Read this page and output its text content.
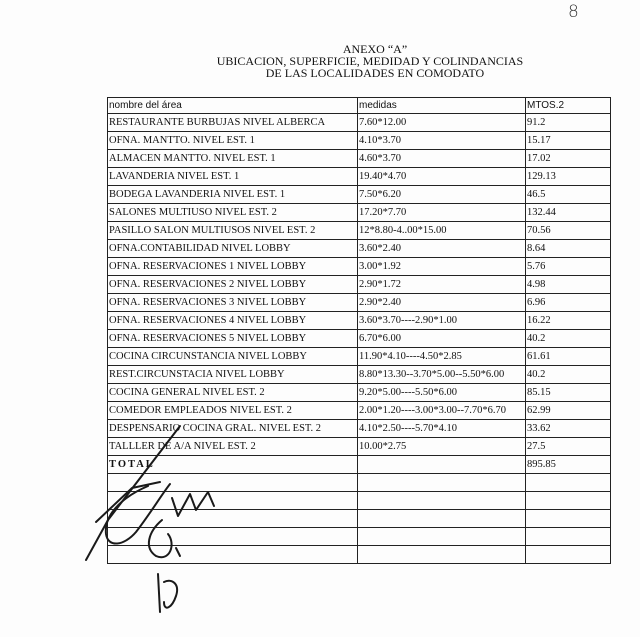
8
ANEXO “A”
UBICACION, SUPERFICIE, MEDIDAD Y COLINDANCIAS
DE LAS LOCALIDADES EN COMODATO
nombre del área	medidas	MTOS.2
RESTAURANTE BURBUJAS NIVEL ALBERCA	7.60*12.00	91.2
OFNA. MANTTO. NIVEL EST. 1	4.10*3.70	15.17
ALMACEN MANTTO. NIVEL EST. 1	4.60*3.70	17.02
LAVANDERIA NIVEL EST. 1	19.40*4.70	129.13
BODEGA LAVANDERIA NIVEL EST. 1	7.50*6.20	46.5
SALONES MULTIUSO NIVEL EST. 2	17.20*7.70	132.44
PASILLO SALON MULTIUSOS NIVEL EST. 2	12*8.80-4..00*15.00	70.56
OFNA.CONTABILIDAD NIVEL LOBBY	3.60*2.40	8.64
OFNA. RESERVACIONES 1 NIVEL LOBBY	3.00*1.92	5.76
OFNA. RESERVACIONES 2 NIVEL LOBBY	2.90*1.72	4.98
OFNA. RESERVACIONES 3 NIVEL LOBBY	2.90*2.40	6.96
OFNA. RESERVACIONES 4 NIVEL LOBBY	3.60*3.70----2.90*1.00	16.22
OFNA. RESERVACIONES 5 NIVEL LOBBY	6.70*6.00	40.2
COCINA CIRCUNSTANCIA NIVEL LOBBY	11.90*4.10----4.50*2.85	61.61
REST.CIRCUNSTACIA NIVEL LOBBY	8.80*13.30--3.70*5.00--5.50*6.00	40.2
COCINA GENERAL NIVEL EST. 2	9.20*5.00----5.50*6.00	85.15
COMEDOR EMPLEADOS NIVEL EST. 2	2.00*1.20----3.00*3.00--7.70*6.70	62.99
DESPENSARIO COCINA GRAL. NIVEL EST. 2	4.10*2.50----5.70*4.10	33.62
TALLLER DE A/A NIVEL EST. 2	10.00*2.75	27.5
TOTAL		895.85
